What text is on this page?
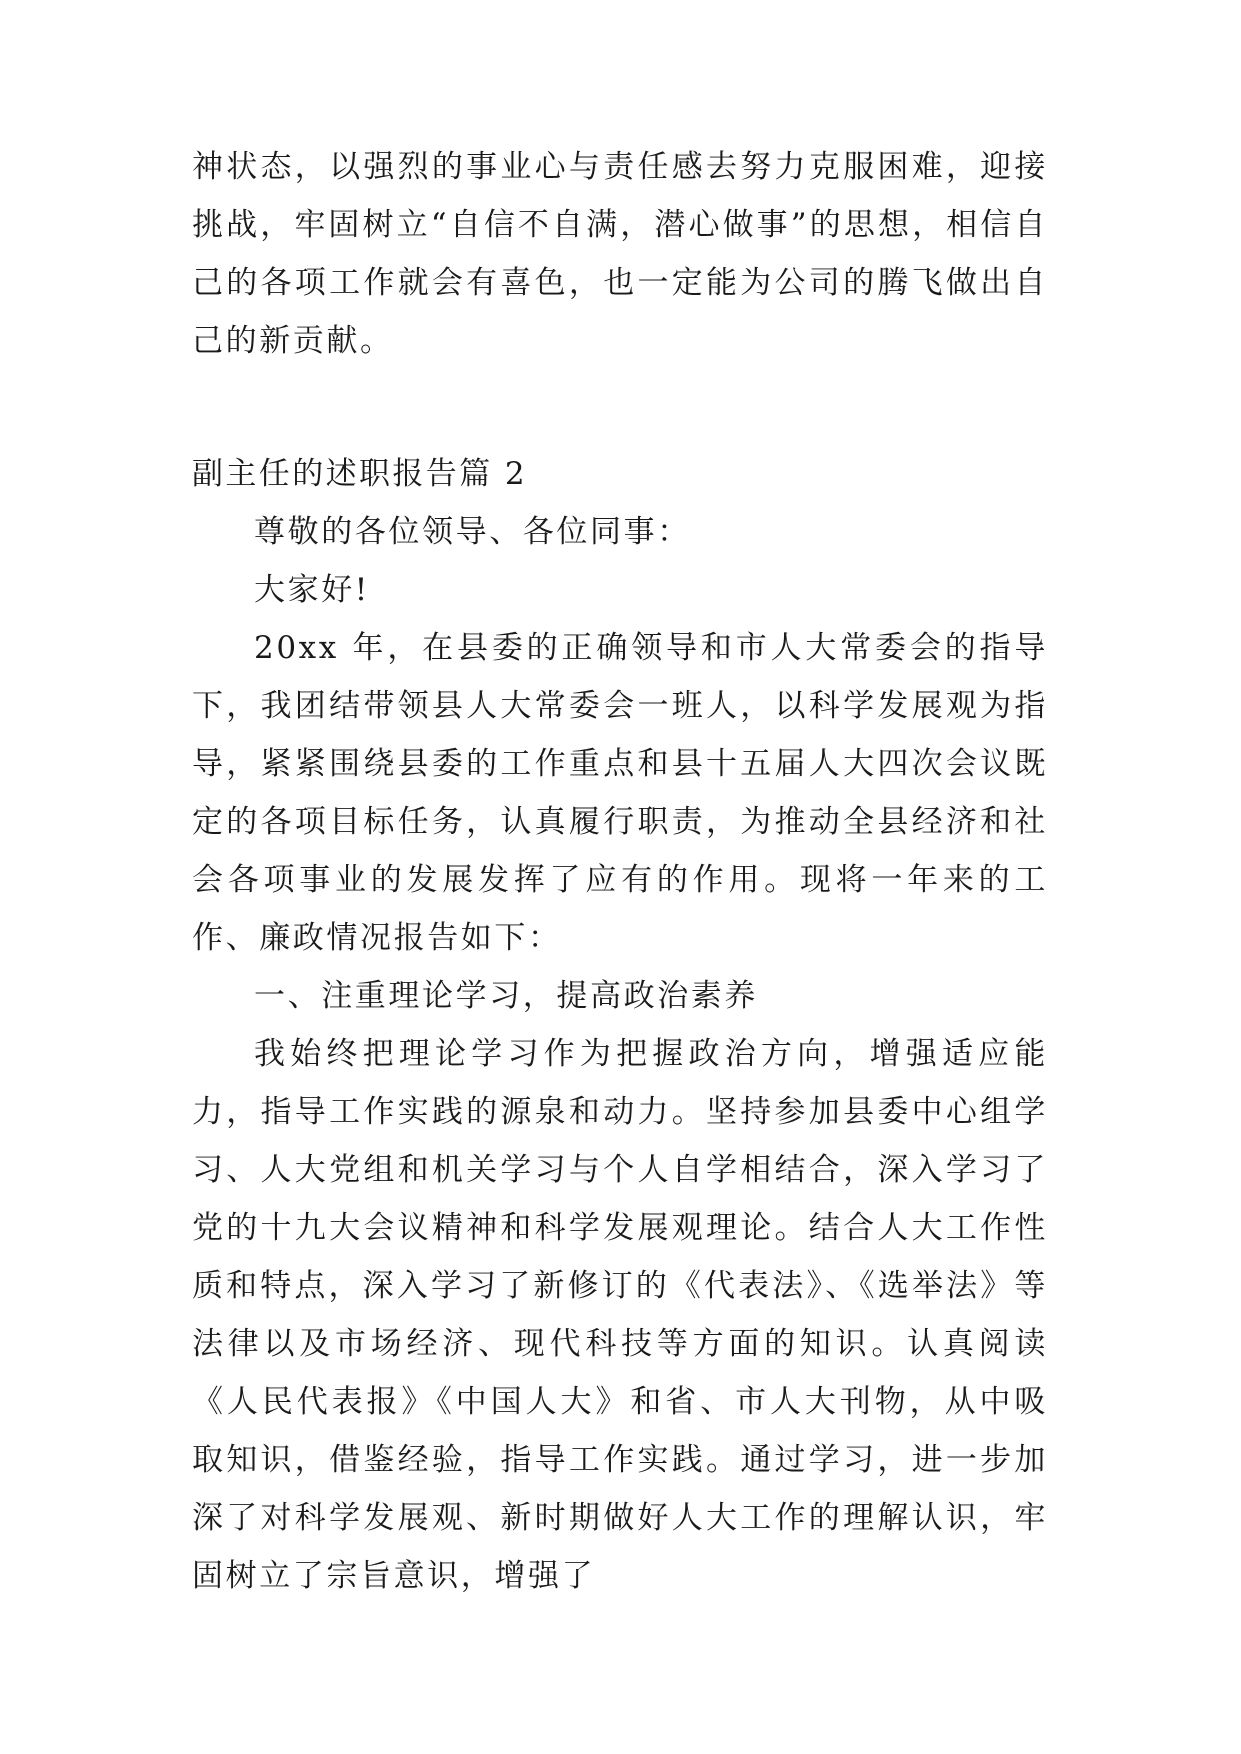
神状态，以强烈的事业心与责任感去努力克服困难，迎接挑战，牢固树立“自信不自满，潜心做事”的思想，相信自己的各项工作就会有喜色，也一定能为公司的腾飞做出自己的新贡献。

副主任的述职报告篇 2

尊敬的各位领导、各位同事：

大家好!

20xx 年，在县委的正确领导和市人大常委会的指导下，我团结带领县人大常委会一班人，以科学发展观为指导，紧紧围绕县委的工作重点和县十五届人大四次会议既定的各项目标任务，认真履行职责，为推动全县经济和社会各项事业的发展发挥了应有的作用。现将一年来的工作、廉政情况报告如下：

一、注重理论学习，提高政治素养

我始终把理论学习作为把握政治方向，增强适应能力，指导工作实践的源泉和动力。坚持参加县委中心组学习、人大党组和机关学习与个人自学相结合，深入学习了党的十九大会议精神和科学发展观理论。结合人大工作性质和特点，深入学习了新修订的《代表法》、《选举法》等法律以及市场经济、现代科技等方面的知识。认真阅读《人民代表报》《中国人大》和省、市人大刊物，从中吸取知识，借鉴经验，指导工作实践。通过学习，进一步加深了对科学发展观、新时期做好人大工作的理解认识，牢固树立了宗旨意识，增强了
